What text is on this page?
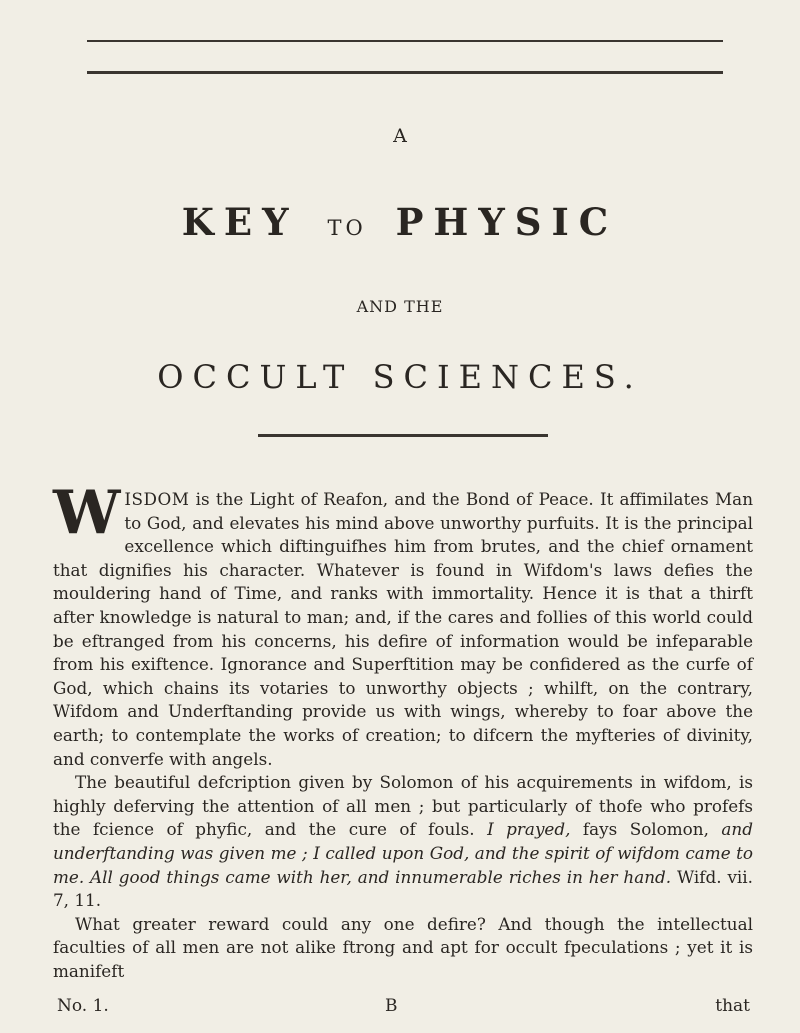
A
KEY TO PHYSIC
AND THE
OCCULT SCIENCES.

WISDOM is the Light of Reafon, and the Bond of Peace. It affimilates Man to God, and elevates his mind above unworthy purfuits. It is the principal excellence which diftinguifhes him from brutes, and the chief ornament that dignifies his character. Whatever is found in Wifdom's laws defies the mouldering hand of Time, and ranks with immortality. Hence it is that a thirft after knowledge is natural to man; and, if the cares and follies of this world could be eftranged from his concerns, his defire of information would be infeparable from his exiftence. Ignorance and Superftition may be confidered as the curfe of God, which chains its votaries to unworthy objects ; whilft, on the contrary, Wifdom and Underftanding provide us with wings, whereby to foar above the earth; to contemplate the works of creation; to difcern the myfteries of divinity, and converfe with angels.

The beautiful defcription given by Solomon of his acquirements in wifdom, is highly deferving the attention of all men ; but particularly of thofe who profefs the fcience of phyfic, and the cure of fouls. I prayed, fays Solomon, and underftanding was given me ; I called upon God, and the spirit of wifdom came to me. All good things came with her, and innumerable riches in her hand. Wifd. vii. 7, 11.

What greater reward could any one defire? And though the intellectual faculties of all men are not alike ftrong and apt for occult fpeculations ; yet it is manifeft

No. 1.	B	that
